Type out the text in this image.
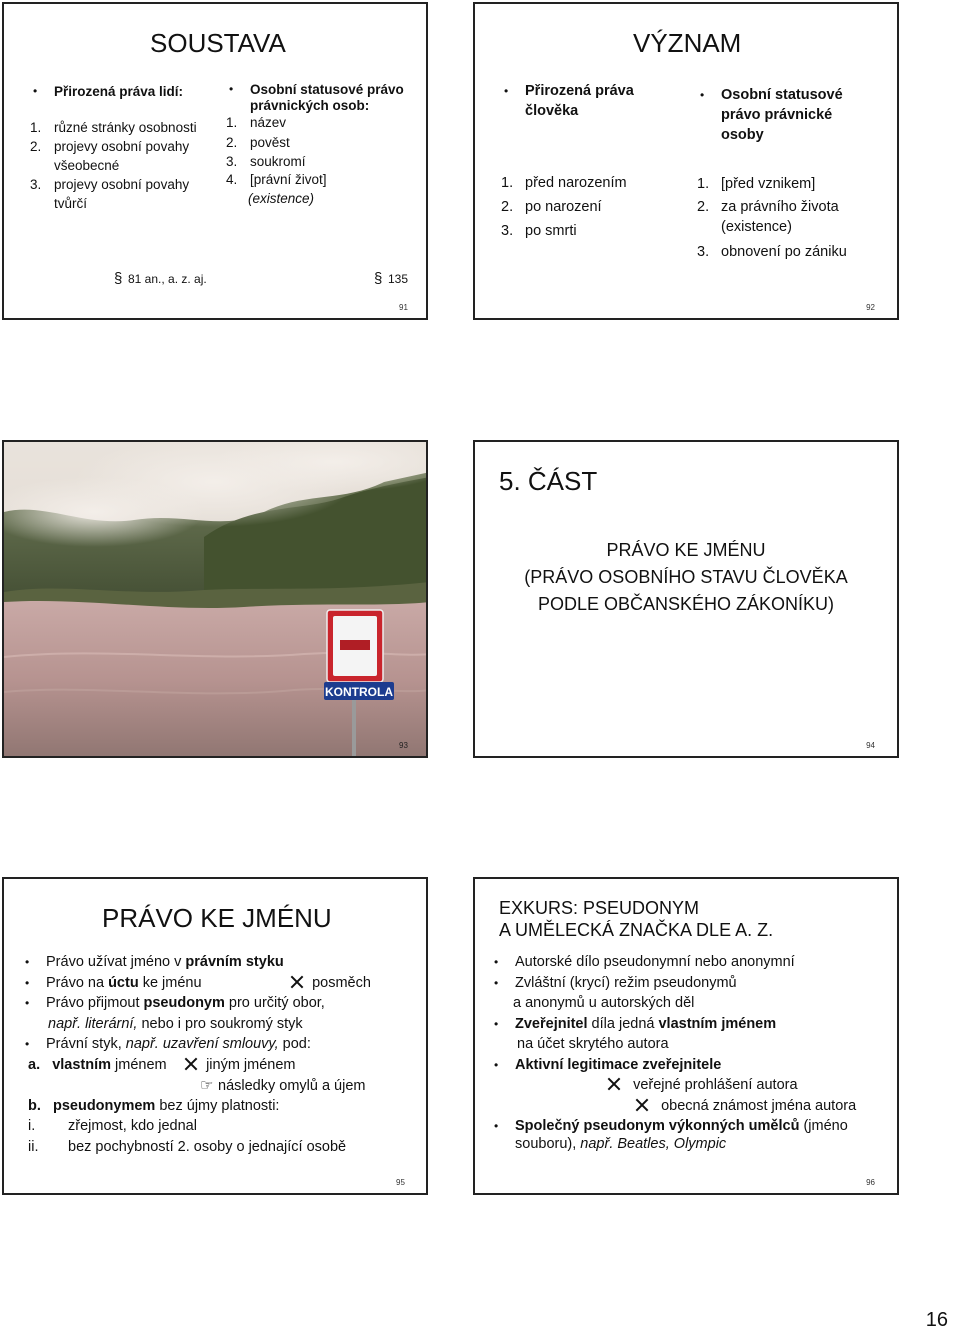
SOUSTAVA
• Přirozená práva lidí:
1. různé stránky osobnosti
2. projevy osobní povahy
všeobecné
3. projevy osobní povahy
tvůrčí
• Osobní statusové právo
právnických osob:
1. název
2. pověst
3. soukromí
4. [právní život]
(existence)
§81 an., a. z. aj.
§	135
91
VÝZNAM
• Přirozená práva
člověka
1. před narozením
2. po narození
3. po smrti
• Osobní statusové
právo právnické
osoby
1. [před vznikem]
2. za právního života
(existence)
3. obnovení po zániku
92
KONTROLA
93
5. ČÁST
PRÁVO KE JMÉNU
(PRÁVO OSOBNÍHO STAVU ČLOVĚKA
PODLE OBČANSKÉHO ZÁKONÍKU)
94
PRÁVO KE JMÉNU
• Právo užívat jméno v právním styku
• Právo na úctu ke jménu	posměch
• Právo přijmout pseudonym pro určitý obor,
např. literární, nebo i pro soukromý styk
• Právní styk, např. uzavření smlouvy, pod:
a. vlastním jménem	jiným jménem
☞ následky omylů a újem
b. pseudonymem bez újmy platnosti:
i. zřejmost, kdo jednal
ii. bez pochybností 2. osoby o jednající osobě
95
EXKURS: PSEUDONYM
A UMĚLECKÁ ZNAČKA DLE A. Z.
• Autorské dílo pseudonymní nebo anonymní
• Zvláštní (krycí) režim pseudonymů
a anonymů u autorských děl
• Zveřejnitel díla jedná vlastním jménem
na účet skrytého autora
• Aktivní legitimace zveřejnitele
veřejné prohlášení autora
obecná známost jména autora
• Společný pseudonym výkonných umělců (jméno
souboru), např. Beatles, Olympic
96
16
